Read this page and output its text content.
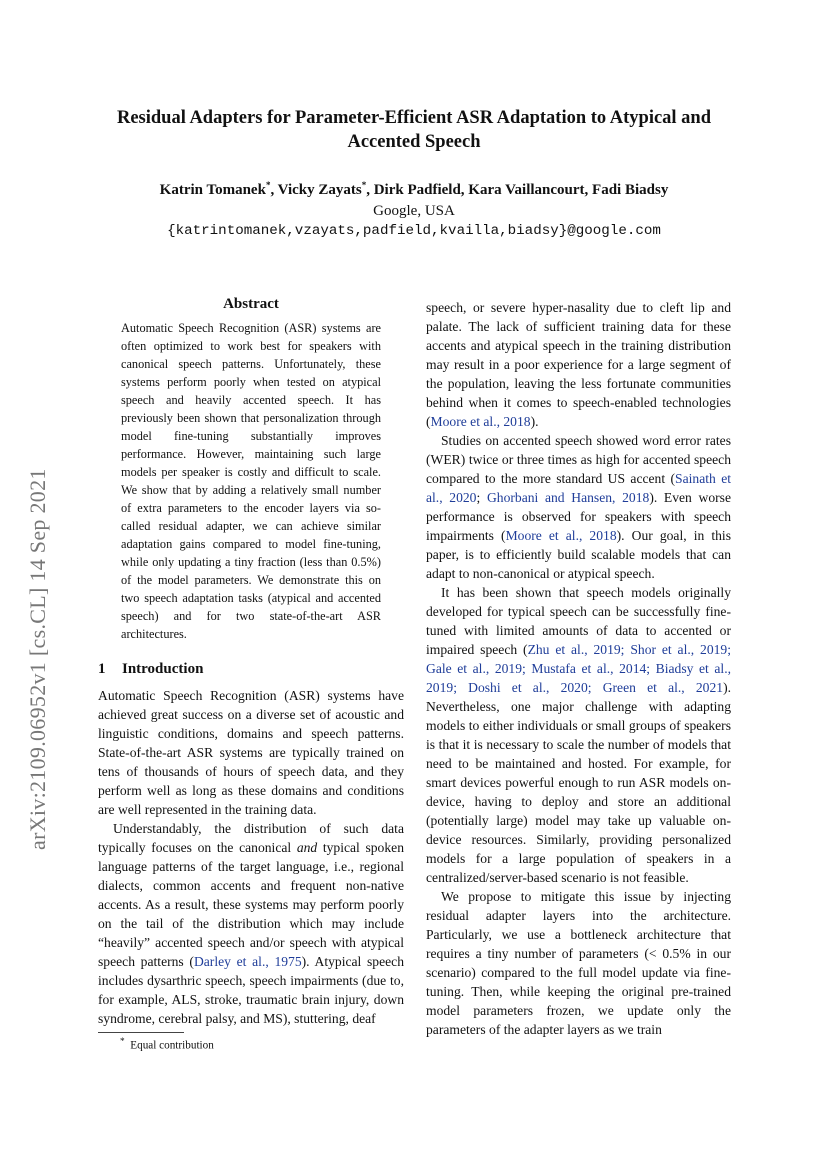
arXiv:2109.06952v1 [cs.CL] 14 Sep 2021
Residual Adapters for Parameter-Efficient ASR Adaptation to Atypical and Accented Speech
Katrin Tomanek*, Vicky Zayats*, Dirk Padfield, Kara Vaillancourt, Fadi Biadsy
Google, USA
{katrintomanek,vzayats,padfield,kvailla,biadsy}@google.com
Abstract

Automatic Speech Recognition (ASR) systems are often optimized to work best for speakers with canonical speech patterns. Unfortunately, these systems perform poorly when tested on atypical speech and heavily accented speech. It has previously been shown that personalization through model fine-tuning substantially improves performance. However, maintaining such large models per speaker is costly and difficult to scale. We show that by adding a relatively small number of extra parameters to the encoder layers via so-called residual adapter, we can achieve similar adaptation gains compared to model fine-tuning, while only updating a tiny fraction (less than 0.5%) of the model parameters. We demonstrate this on two speech adaptation tasks (atypical and accented speech) and for two state-of-the-art ASR architectures.

1 Introduction

Automatic Speech Recognition (ASR) systems have achieved great success on a diverse set of acoustic and linguistic conditions, domains and speech patterns. State-of-the-art ASR systems are typically trained on tens of thousands of hours of speech data, and they perform well as long as these domains and conditions are well represented in the training data.

Understandably, the distribution of such data typically focuses on the canonical and typical spoken language patterns of the target language, i.e., regional dialects, common accents and frequent non-native accents. As a result, these systems may perform poorly on the tail of the distribution which may include “heavily” accented speech and/or speech with atypical speech patterns (Darley et al., 1975). Atypical speech includes dysarthric speech, speech impairments (due to, for example, ALS, stroke, traumatic brain injury, down syndrome, cerebral palsy, and MS), stuttering, deaf

* Equal contribution

speech, or severe hyper-nasality due to cleft lip and palate. The lack of sufficient training data for these accents and atypical speech in the training distribution may result in a poor experience for a large segment of the population, leaving the less fortunate communities behind when it comes to speech-enabled technologies (Moore et al., 2018).

Studies on accented speech showed word error rates (WER) twice or three times as high for accented speech compared to the more standard US accent (Sainath et al., 2020; Ghorbani and Hansen, 2018). Even worse performance is observed for speakers with speech impairments (Moore et al., 2018). Our goal, in this paper, is to efficiently build scalable models that can adapt to non-canonical or atypical speech.

It has been shown that speech models originally developed for typical speech can be successfully fine-tuned with limited amounts of data to accented or impaired speech (Zhu et al., 2019; Shor et al., 2019; Gale et al., 2019; Mustafa et al., 2014; Biadsy et al., 2019; Doshi et al., 2020; Green et al., 2021). Nevertheless, one major challenge with adapting models to either individuals or small groups of speakers is that it is necessary to scale the number of models that need to be maintained and hosted. For example, for smart devices powerful enough to run ASR models on-device, having to deploy and store an additional (potentially large) model may take up valuable on-device resources. Similarly, providing personalized models for a large population of speakers in a centralized/server-based scenario is not feasible.

We propose to mitigate this issue by injecting residual adapter layers into the architecture. Particularly, we use a bottleneck architecture that requires a tiny number of parameters (< 0.5% in our scenario) compared to the full model update via fine-tuning. Then, while keeping the original pre-trained model parameters frozen, we update only the parameters of the adapter layers as we train
